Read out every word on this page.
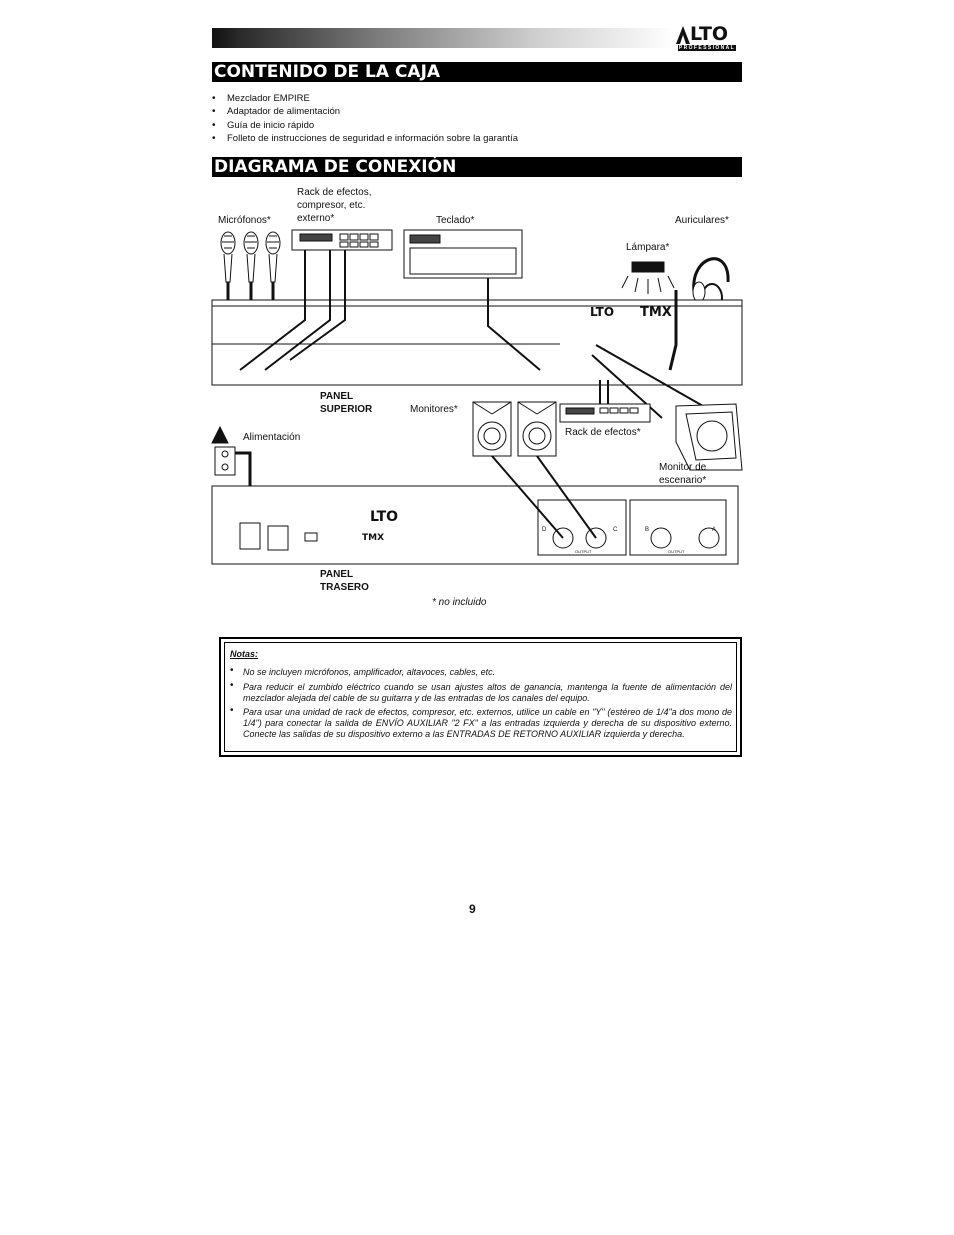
LTO
PROFESSIONAL
CONTENIDO DE LA CAJA
• Mezclador EMPIRE
• Adaptador de alimentación
• Guía de inicio rápido
• Folleto de instrucciones de seguridad e información sobre la garantía
DIAGRAMA DE CONEXIÓN
LTO TMX
LTO
TMX
OUTPUT	OUTPUT
D	C	B	A
Rack de efectos,
compresor, etc.
externo*
Micrófonos*	Teclado*	Auriculares*
Lámpara*
PANEL
SUPERIOR	Monitores*
Rack de efectos*
Alimentación
Monitor de
escenario*
PANEL
TRASERO
* no incluido
Notas:
• No se incluyen micrófonos, amplificador, altavoces, cables, etc.
• Para reducir el zumbido eléctrico cuando se usan ajustes altos de ganancia, mantenga la fuente de alimentación del mezclador alejada del cable de su guitarra y de las entradas de los canales del equipo.
• Para usar una unidad de rack de efectos, compresor, etc. externos, utilice un cable en "Y" (estéreo de 1/4"a dos mono de 1/4") para conectar la salida de ENVÍO AUXILIAR "2 FX" a las entradas izquierda y derecha de su dispositivo externo. Conecte las salidas de su dispositivo externo a las ENTRADAS DE RETORNO AUXILIAR izquierda y derecha.
9
